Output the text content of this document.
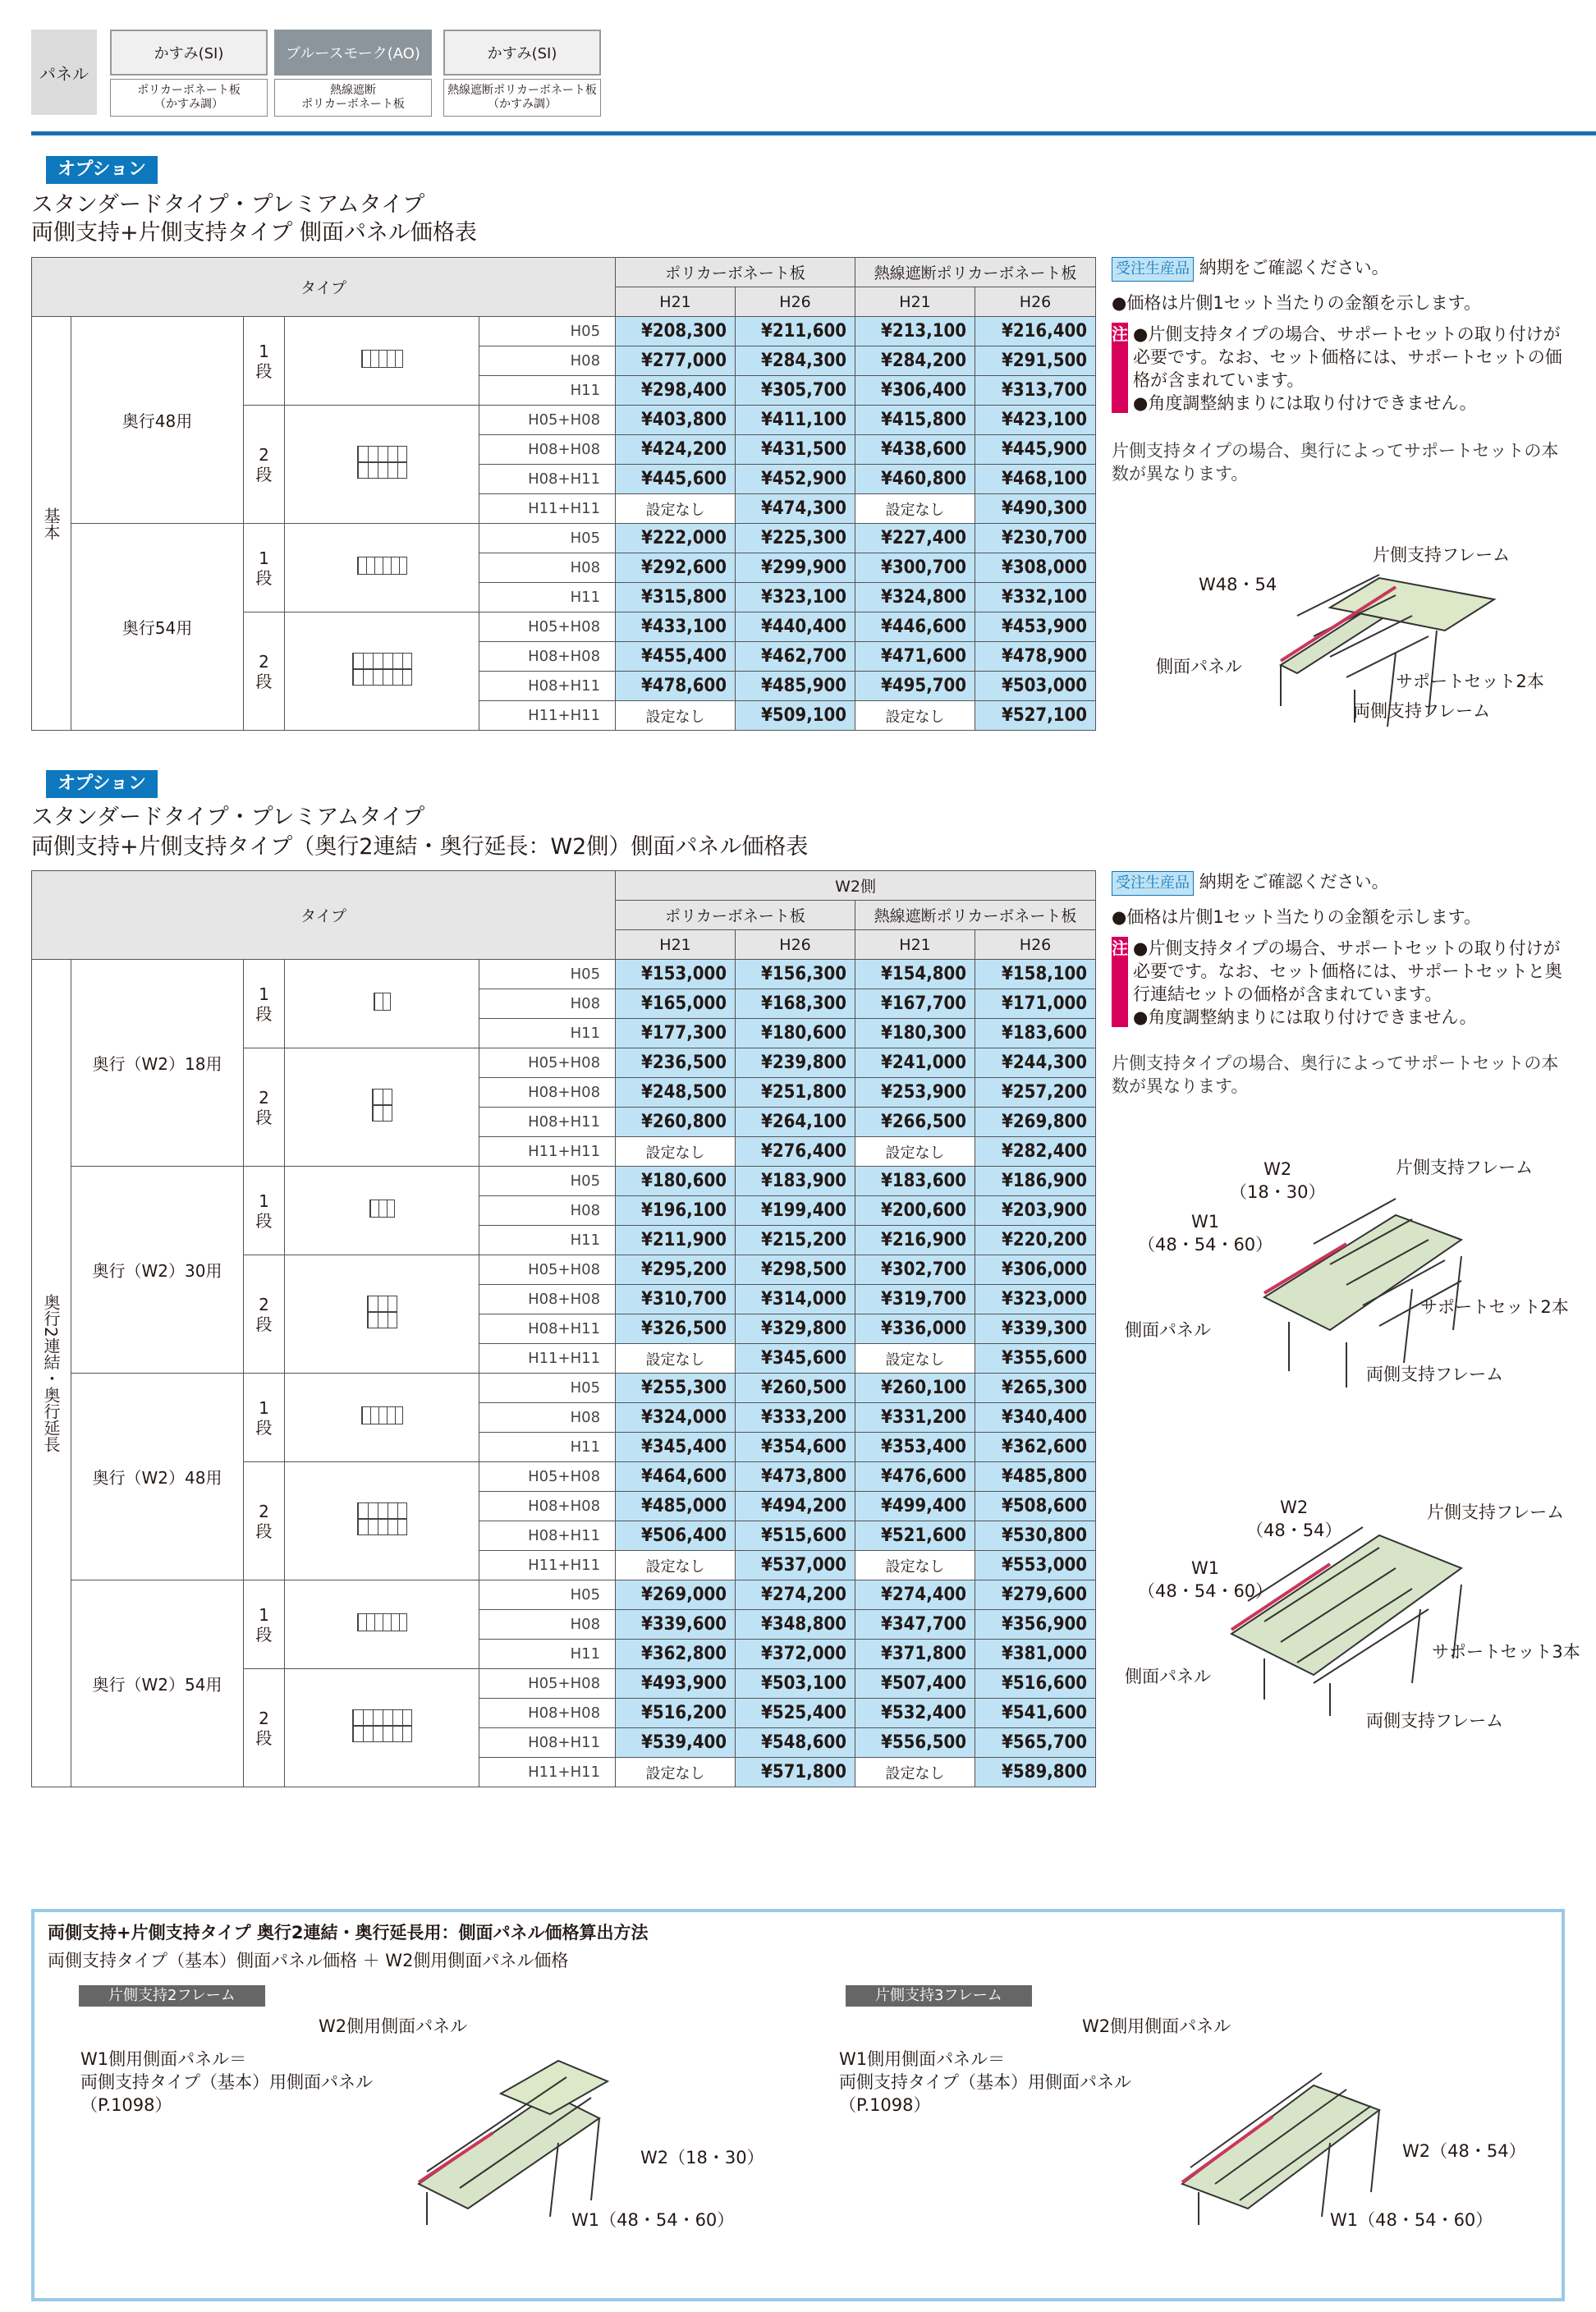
パネル
かすみ(SI)
ポリカーボネート板
（かすみ調）
ブルースモーク(AO)
熱線遮断
ポリカーボネート板
かすみ(SI)
熱線遮断ポリカーボネート板
（かすみ調）
オプション
スタンダードタイプ・プレミアムタイプ
両側支持+片側支持タイプ 側面パネル価格表
タイプ					ポリカーボネート板		熱線遮断ポリカーボネート板	
					H21	H26	H21	H26
基本	奥行48用	1
段		H05	¥208,300	¥211,600	¥213,100	¥216,400
				H08	¥277,000	¥284,300	¥284,200	¥291,500
				H11	¥298,400	¥305,700	¥306,400	¥313,700

		2
段		H05+H08	¥403,800	¥411,100	¥415,800	¥423,100
				H08+H08	¥424,200	¥431,500	¥438,600	¥445,900
				H08+H11	¥445,600	¥452,900	¥460,800	¥468,100
				H11+H11	設定なし	¥474,300	設定なし	¥490,300
	奥行54用	1
段		H05	¥222,000	¥225,300	¥227,400	¥230,700
				H08	¥292,600	¥299,900	¥300,700	¥308,000
				H11	¥315,800	¥323,100	¥324,800	¥332,100

		2
段		H05+H08	¥433,100	¥440,400	¥446,600	¥453,900
				H08+H08	¥455,400	¥462,700	¥471,600	¥478,900
				H08+H11	¥478,600	¥485,900	¥495,700	¥503,000
				H11+H11	設定なし	¥509,100	設定なし	¥527,100
受注生産品 納期をご確認ください。
●価格は片側1セット当たりの金額を示します。
注 ●片側支持タイプの場合、サポートセットの取り付けが必要です。なお、セット価格には、サポートセットの価格が含まれています。
●角度調整納まりには取り付けできません。
片側支持タイプの場合、奥行によってサポートセットの本数が異なります。
W48・54
片側支持フレーム
側面パネル
サポートセット2本
両側支持フレーム
オプション
スタンダードタイプ・プレミアムタイプ
両側支持+片側支持タイプ（奥行2連結・奥行延長：W2側）側面パネル価格表
タイプ					W2側			
					ポリカーボネート板		熱線遮断ポリカーボネート板	
					H21	H26	H21	H26
奥行2連結・奥行延長	奥行（W2）18用	1
段		H05	¥153,000	¥156,300	¥154,800	¥158,100
				H08	¥165,000	¥168,300	¥167,700	¥171,000
				H11	¥177,300	¥180,600	¥180,300	¥183,600

		2
段		H05+H08	¥236,500	¥239,800	¥241,000	¥244,300
				H08+H08	¥248,500	¥251,800	¥253,900	¥257,200
				H08+H11	¥260,800	¥264,100	¥266,500	¥269,800
				H11+H11	設定なし	¥276,400	設定なし	¥282,400
	奥行（W2）30用	1
段		H05	¥180,600	¥183,900	¥183,600	¥186,900
				H08	¥196,100	¥199,400	¥200,600	¥203,900
				H11	¥211,900	¥215,200	¥216,900	¥220,200

		2
段		H05+H08	¥295,200	¥298,500	¥302,700	¥306,000
				H08+H08	¥310,700	¥314,000	¥319,700	¥323,000
				H08+H11	¥326,500	¥329,800	¥336,000	¥339,300
				H11+H11	設定なし	¥345,600	設定なし	¥355,600
	奥行（W2）48用	1
段		H05	¥255,300	¥260,500	¥260,100	¥265,300
				H08	¥324,000	¥333,200	¥331,200	¥340,400
				H11	¥345,400	¥354,600	¥353,400	¥362,600

		2
段		H05+H08	¥464,600	¥473,800	¥476,600	¥485,800
				H08+H08	¥485,000	¥494,200	¥499,400	¥508,600
				H08+H11	¥506,400	¥515,600	¥521,600	¥530,800
				H11+H11	設定なし	¥537,000	設定なし	¥553,000
	奥行（W2）54用	1
段		H05	¥269,000	¥274,200	¥274,400	¥279,600
				H08	¥339,600	¥348,800	¥347,700	¥356,900
				H11	¥362,800	¥372,000	¥371,800	¥381,000

		2
段		H05+H08	¥493,900	¥503,100	¥507,400	¥516,600
				H08+H08	¥516,200	¥525,400	¥532,400	¥541,600
				H08+H11	¥539,400	¥548,600	¥556,500	¥565,700
				H11+H11	設定なし	¥571,800	設定なし	¥589,800
受注生産品 納期をご確認ください。
●価格は片側1セット当たりの金額を示します。
注 ●片側支持タイプの場合、サポートセットの取り付けが必要です。なお、セット価格には、サポートセットと奥行連結セットの価格が含まれています。
●角度調整納まりには取り付けできません。
片側支持タイプの場合、奥行によってサポートセットの本数が異なります。
W2
（18・30）
W1
（48・54・60）
片側支持フレーム
側面パネル
サポートセット2本
両側支持フレーム
W2
（48・54）
W1
（48・54・60）
片側支持フレーム
側面パネル
サポートセット3本
両側支持フレーム
両側支持+片側支持タイプ 奥行2連結・奥行延長用：側面パネル価格算出方法
両側支持タイプ（基本）側面パネル価格 ＋ W2側用側面パネル価格
片側支持2フレーム	片側支持3フレーム
W2側用側面パネル
W1側用側面パネル＝
両側支持タイプ（基本）用側面パネル
（P.1098）
W2（18・30）
W1（48・54・60）
W2側用側面パネル
W1側用側面パネル＝
両側支持タイプ（基本）用側面パネル
（P.1098）
W2（48・54）
W1（48・54・60）
